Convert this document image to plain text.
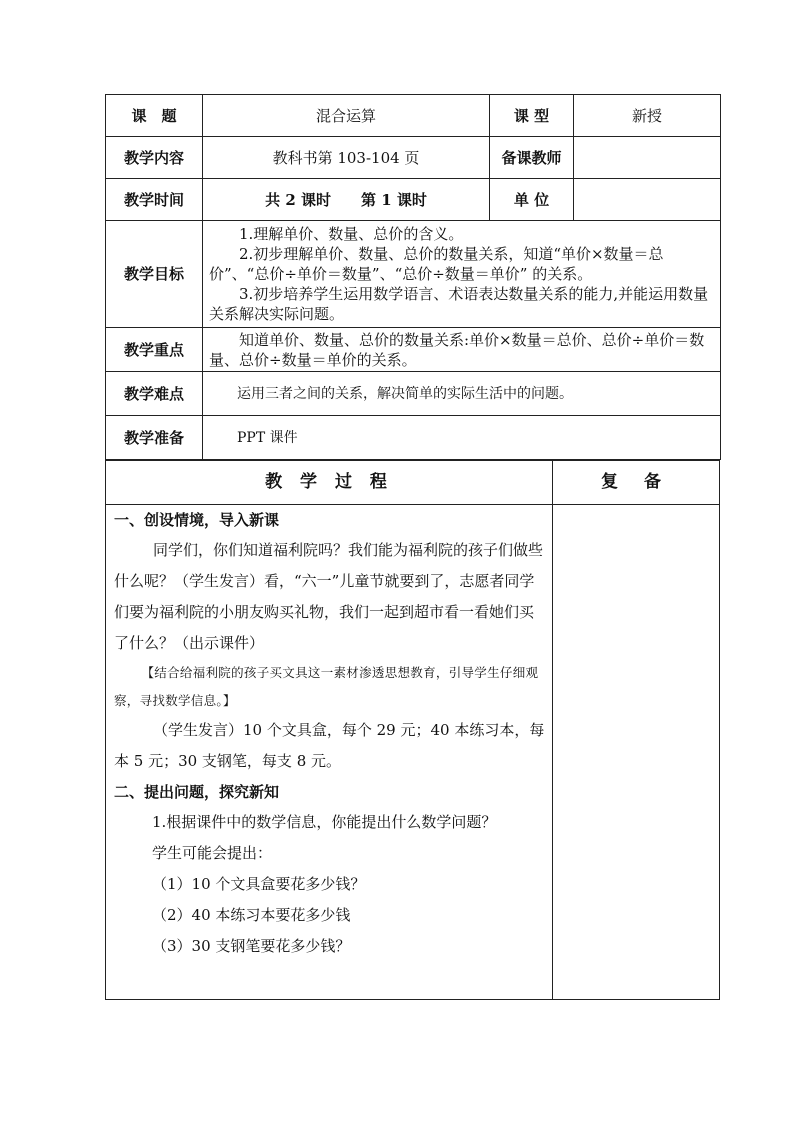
课　题	混合运算	课 型	新授
教学内容	教科书第 103-104 页	备课教师	
教学时间	共 2 课时　　第 1 课时	单 位	
教学目标	1.理解单价、数量、总价的含义。
2.初步理解单价、数量、总价的数量关系，知道“单价×数量＝总价”、“总价÷单价＝数量”、“总价÷数量＝单价” 的关系。
3.初步培养学生运用数学语言、术语表达数量关系的能力,并能运用数量关系解决实际问题。		

教学重点	知道单价、数量、总价的数量关系:单价×数量＝总价、总价÷单价＝数量、总价÷数量＝单价的关系。		
教学难点	运用三者之间的关系，解决简单的实际生活中的问题。		
教学准备	PPT 课件		
教 学 过 程	复 备

一、创设情境，导入新课

同学们，你们知道福利院吗？我们能为福利院的孩子们做些什么呢？（学生发言）看，“六一”儿童节就要到了，志愿者同学们要为福利院的小朋友购买礼物，我们一起到超市看一看她们买了什么？（出示课件）

【结合给福利院的孩子买文具这一素材渗透思想教育，引导学生仔细观察，寻找数学信息。】

（学生发言）10 个文具盒，每个 29 元；40 本练习本，每本 5 元；30 支钢笔，每支 8 元。

二、提出问题，探究新知

1.根据课件中的数学信息，你能提出什么数学问题？

学生可能会提出：

（1）10 个文具盒要花多少钱？

（2）40 本练习本要花多少钱

（3）30 支钢笔要花多少钱？
